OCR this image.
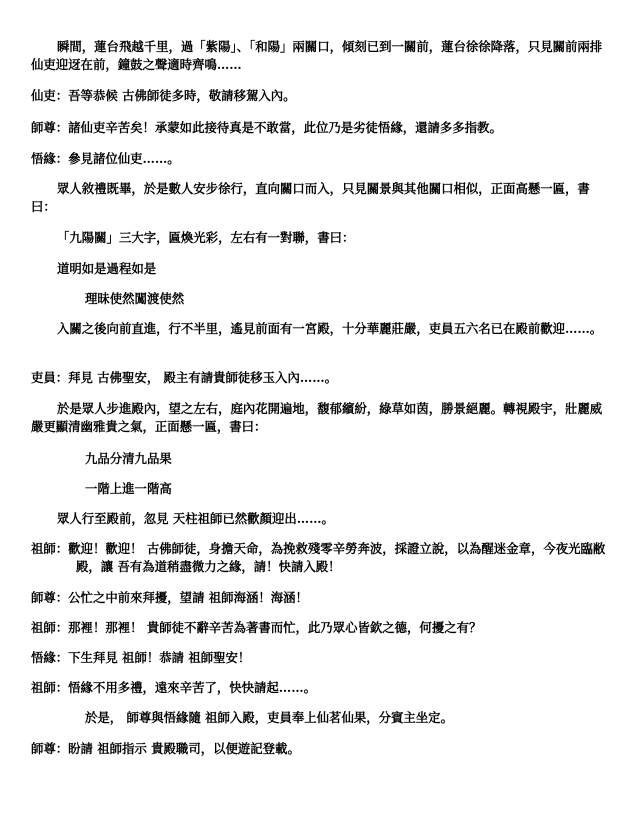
瞬間，蓮台飛越千里，過「紫陽」、「和陽」兩關口，傾刻已到一關前，蓮台徐徐降落，只見關前兩排仙吏迎迓在前，鐘鼓之聲適時齊鳴……
仙吏：吾等恭候 古佛師徒多時，敬請移駕入內。
師尊：諸仙吏辛苦矣！承蒙如此接待真是不敢當，此位乃是劣徒悟緣，還請多多指教。
悟緣：參見諸位仙吏……。
眾人敘禮既畢，於是數人安步徐行，直向關口而入，只見關景與其他關口相似，正面高懸一匾，書曰：
「九陽關」三大字，匾煥光彩，左右有一對聯，書曰：
道明如是過程如是
理昧使然闖渡使然
入關之後向前直進，行不半里，遙見前面有一宮殿，十分華麗莊嚴，吏員五六名已在殿前歡迎……。
吏員：拜見 古佛聖安， 殿主有請貴師徒移玉入內……。
於是眾人步進殿內，望之左右，庭內花開遍地，馥郁繽紛，綠草如茵，勝景絕麗。轉視殿宇，壯麗威嚴更顯清幽雅貴之氣，正面懸一匾，書曰：
九品分清九品果
一階上進一階高
眾人行至殿前，忽見 天柱祖師已然歡顏迎出……。
祖師：歡迎！歡迎！ 古佛師徒，身擔天命，為挽救殘零辛勞奔波，採證立說，以為醒迷金章，今夜光臨敝殿，讓 吾有為道稍盡微力之緣，請！快請入殿！
師尊：公忙之中前來拜擾，望請 祖師海涵！海涵！
祖師：那裡！那裡！ 貴師徒不辭辛苦為著書而忙，此乃眾心皆欽之德，何擾之有？
悟緣：下生拜見 祖師！恭請 祖師聖安！
祖師：悟緣不用多禮，遠來辛苦了，快快請起……。
於是， 師尊與悟緣隨 祖師入殿，吏員奉上仙茗仙果，分賓主坐定。
師尊：盼請 祖師指示 貴殿職司，以便遊記登載。
